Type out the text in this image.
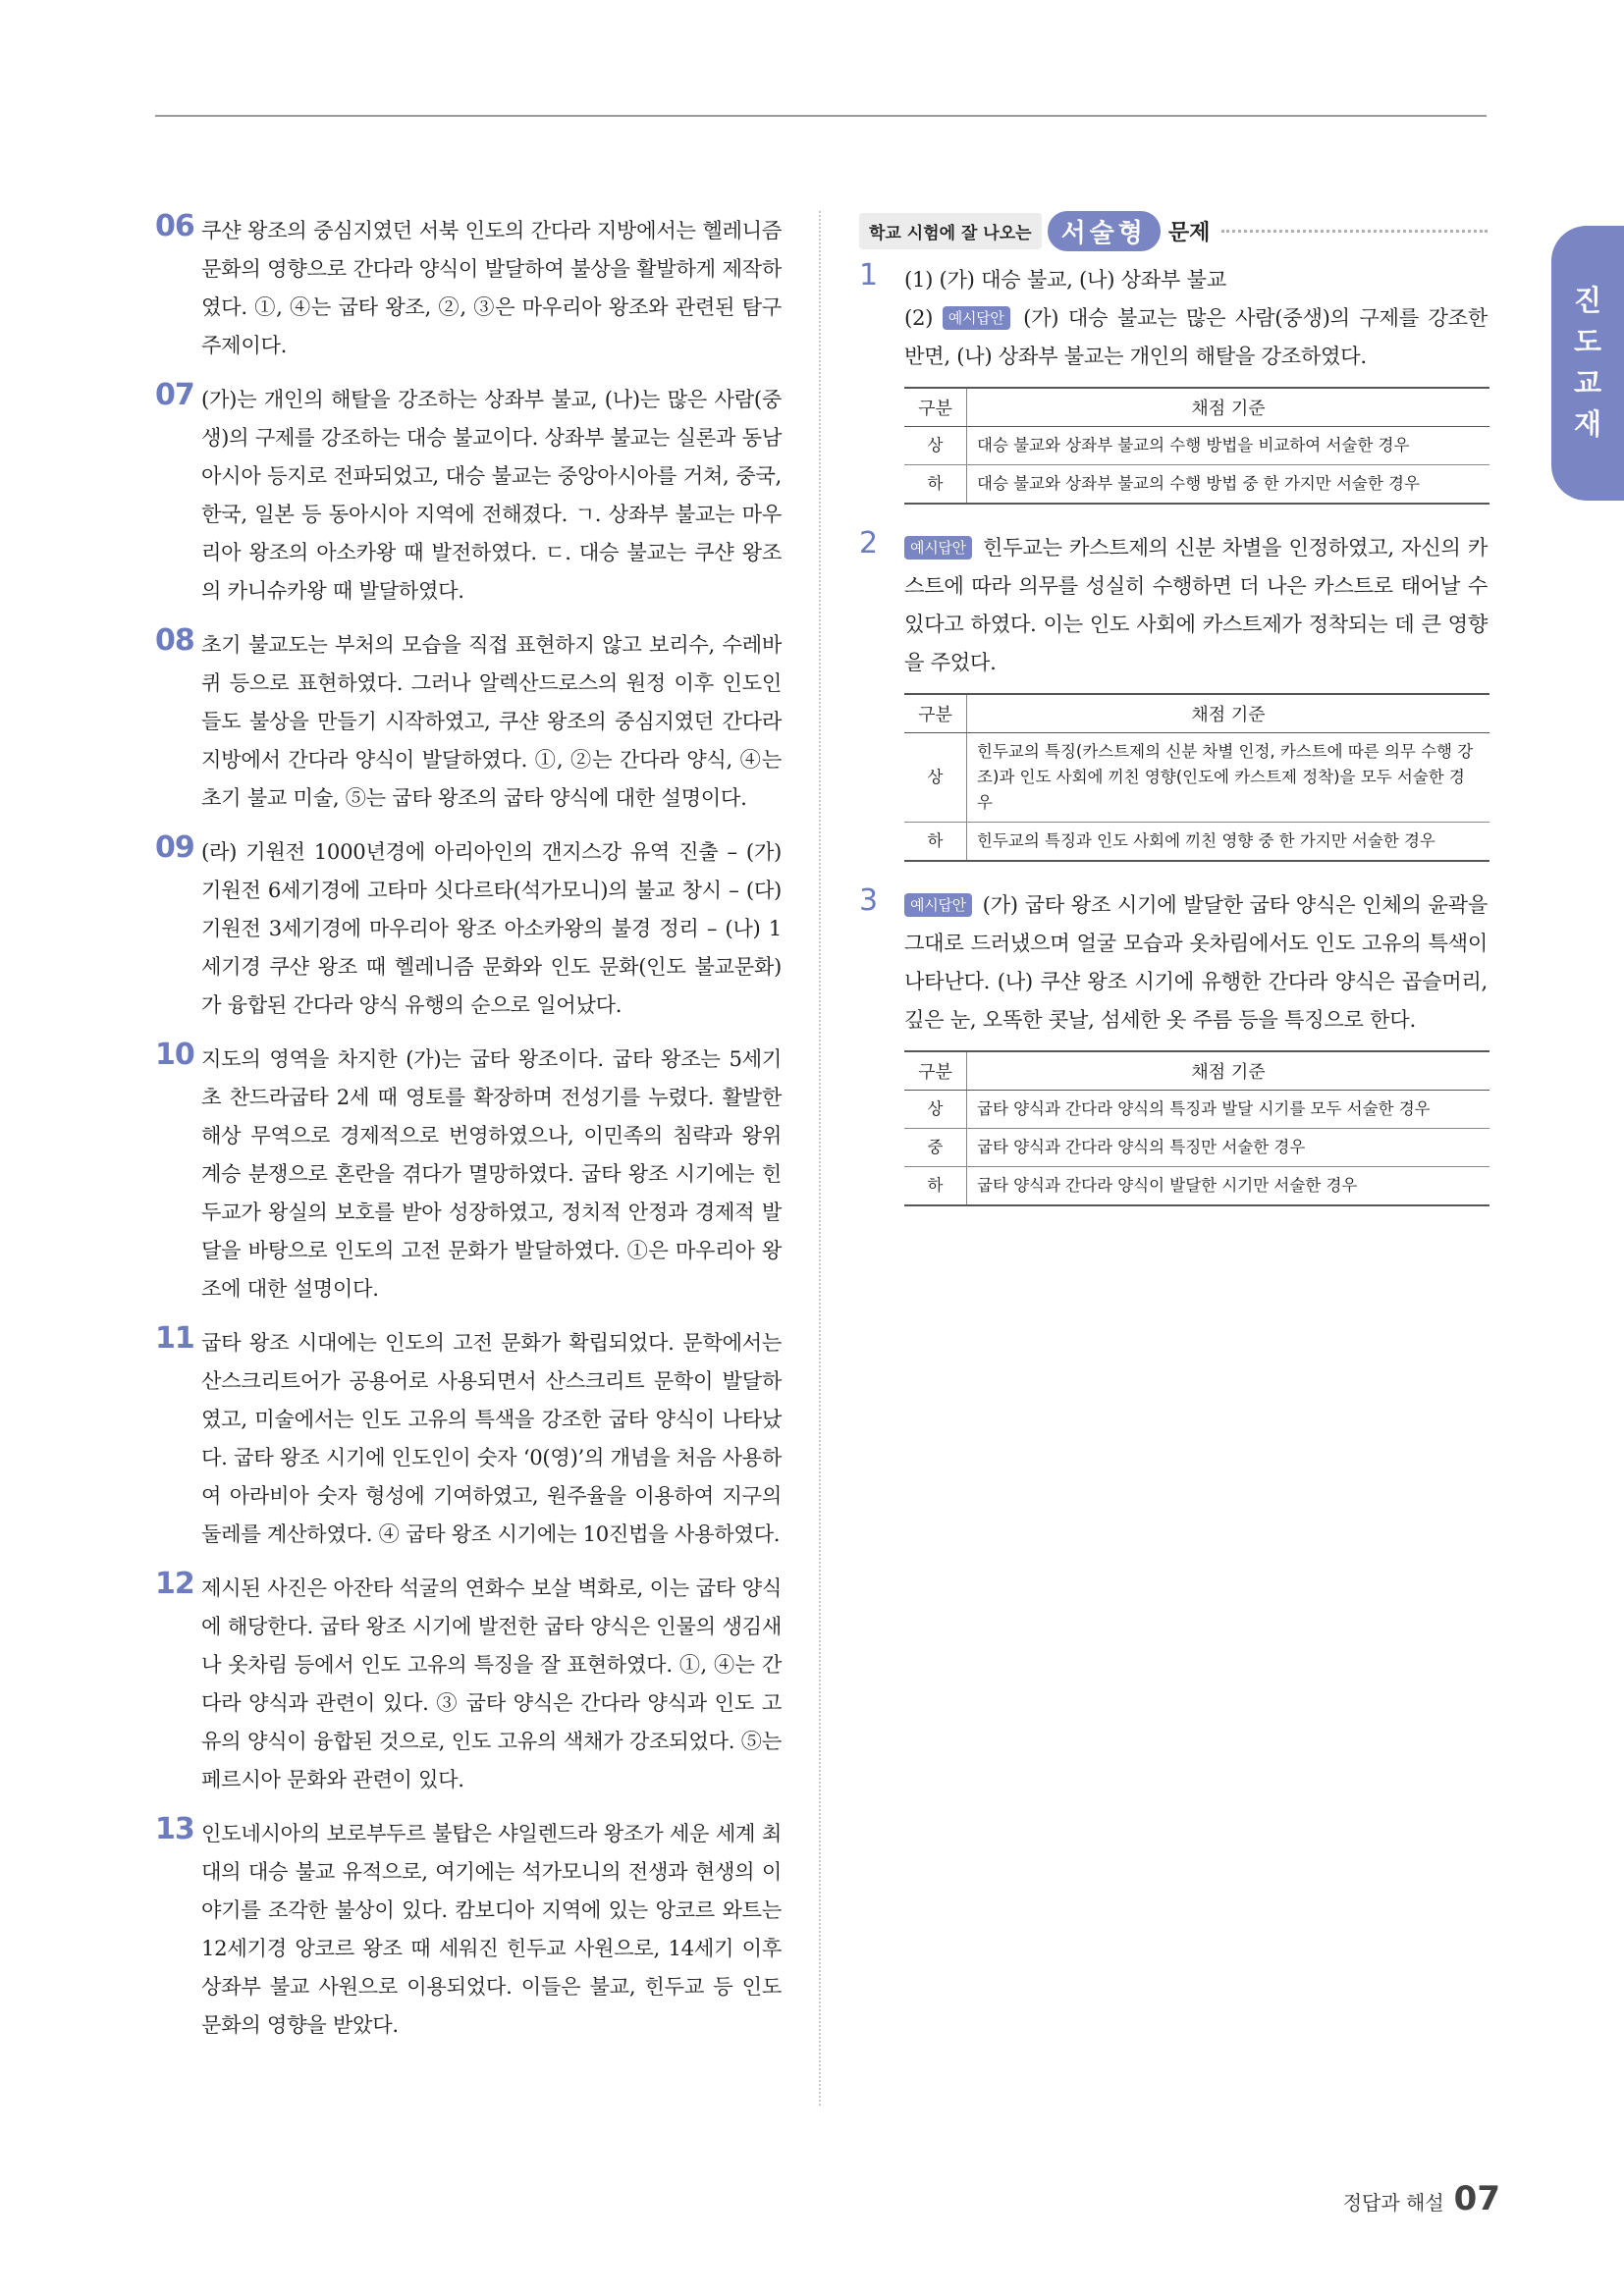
진
도
교
재
06 쿠샨 왕조의 중심지였던 서북 인도의 간다라 지방에서는 헬레니즘 문화의 영향으로 간다라 양식이 발달하여 불상을 활발하게 제작하였다. ①, ④는 굽타 왕조, ②, ③은 마우리아 왕조와 관련된 탐구 주제이다.
07 (가)는 개인의 해탈을 강조하는 상좌부 불교, (나)는 많은 사람(중생)의 구제를 강조하는 대승 불교이다. 상좌부 불교는 실론과 동남아시아 등지로 전파되었고, 대승 불교는 중앙아시아를 거쳐, 중국, 한국, 일본 등 동아시아 지역에 전해졌다. ㄱ. 상좌부 불교는 마우리아 왕조의 아소카왕 때 발전하였다. ㄷ. 대승 불교는 쿠샨 왕조의 카니슈카왕 때 발달하였다.
08 초기 불교도는 부처의 모습을 직접 표현하지 않고 보리수, 수레바퀴 등으로 표현하였다. 그러나 알렉산드로스의 원정 이후 인도인들도 불상을 만들기 시작하였고, 쿠샨 왕조의 중심지였던 간다라 지방에서 간다라 양식이 발달하였다. ①, ②는 간다라 양식, ④는 초기 불교 미술, ⑤는 굽타 왕조의 굽타 양식에 대한 설명이다.
09 (라) 기원전 1000년경에 아리아인의 갠지스강 유역 진출 – (가) 기원전 6세기경에 고타마 싯다르타(석가모니)의 불교 창시 – (다) 기원전 3세기경에 마우리아 왕조 아소카왕의 불경 정리 – (나) 1세기경 쿠샨 왕조 때 헬레니즘 문화와 인도 문화(인도 불교문화)가 융합된 간다라 양식 유행의 순으로 일어났다.
10 지도의 영역을 차지한 (가)는 굽타 왕조이다. 굽타 왕조는 5세기 초 찬드라굽타 2세 때 영토를 확장하며 전성기를 누렸다. 활발한 해상 무역으로 경제적으로 번영하였으나, 이민족의 침략과 왕위 계승 분쟁으로 혼란을 겪다가 멸망하였다. 굽타 왕조 시기에는 힌두교가 왕실의 보호를 받아 성장하였고, 정치적 안정과 경제적 발달을 바탕으로 인도의 고전 문화가 발달하였다. ①은 마우리아 왕조에 대한 설명이다.
11 굽타 왕조 시대에는 인도의 고전 문화가 확립되었다. 문학에서는 산스크리트어가 공용어로 사용되면서 산스크리트 문학이 발달하였고, 미술에서는 인도 고유의 특색을 강조한 굽타 양식이 나타났다. 굽타 왕조 시기에 인도인이 숫자 ‘0(영)’의 개념을 처음 사용하여 아라비아 숫자 형성에 기여하였고, 원주율을 이용하여 지구의 둘레를 계산하였다. ④ 굽타 왕조 시기에는 10진법을 사용하였다.
12 제시된 사진은 아잔타 석굴의 연화수 보살 벽화로, 이는 굽타 양식에 해당한다. 굽타 왕조 시기에 발전한 굽타 양식은 인물의 생김새나 옷차림 등에서 인도 고유의 특징을 잘 표현하였다. ①, ④는 간다라 양식과 관련이 있다. ③ 굽타 양식은 간다라 양식과 인도 고유의 양식이 융합된 것으로, 인도 고유의 색채가 강조되었다. ⑤는 페르시아 문화와 관련이 있다.
13 인도네시아의 보로부두르 불탑은 샤일렌드라 왕조가 세운 세계 최대의 대승 불교 유적으로, 여기에는 석가모니의 전생과 현생의 이야기를 조각한 불상이 있다. 캄보디아 지역에 있는 앙코르 와트는 12세기경 앙코르 왕조 때 세워진 힌두교 사원으로, 14세기 이후 상좌부 불교 사원으로 이용되었다. 이들은 불교, 힌두교 등 인도 문화의 영향을 받았다.
학교 시험에 잘 나오는	서술형	문제
1 (1) (가) 대승 불교, (나) 상좌부 불교
(2) 예시답안 (가) 대승 불교는 많은 사람(중생)의 구제를 강조한 반면, (나) 상좌부 불교는 개인의 해탈을 강조하였다.
구분	채점 기준
상	대승 불교와 상좌부 불교의 수행 방법을 비교하여 서술한 경우
하	대승 불교와 상좌부 불교의 수행 방법 중 한 가지만 서술한 경우
2	예시답안 힌두교는 카스트제의 신분 차별을 인정하였고, 자신의 카스트에 따라 의무를 성실히 수행하면 더 나은 카스트로 태어날 수 있다고 하였다. 이는 인도 사회에 카스트제가 정착되는 데 큰 영향을 주었다.
구분	채점 기준
상	힌두교의 특징(카스트제의 신분 차별 인정, 카스트에 따른 의무 수행 강조)과 인도 사회에 끼친 영향(인도에 카스트제 정착)을 모두 서술한 경우
하	힌두교의 특징과 인도 사회에 끼친 영향 중 한 가지만 서술한 경우
3	예시답안 (가) 굽타 왕조 시기에 발달한 굽타 양식은 인체의 윤곽을 그대로 드러냈으며 얼굴 모습과 옷차림에서도 인도 고유의 특색이 나타난다. (나) 쿠샨 왕조 시기에 유행한 간다라 양식은 곱슬머리, 깊은 눈, 오똑한 콧날, 섬세한 옷 주름 등을 특징으로 한다.
구분	채점 기준
상	굽타 양식과 간다라 양식의 특징과 발달 시기를 모두 서술한 경우
중	굽타 양식과 간다라 양식의 특징만 서술한 경우
하	굽타 양식과 간다라 양식이 발달한 시기만 서술한 경우
정답과 해설 07
